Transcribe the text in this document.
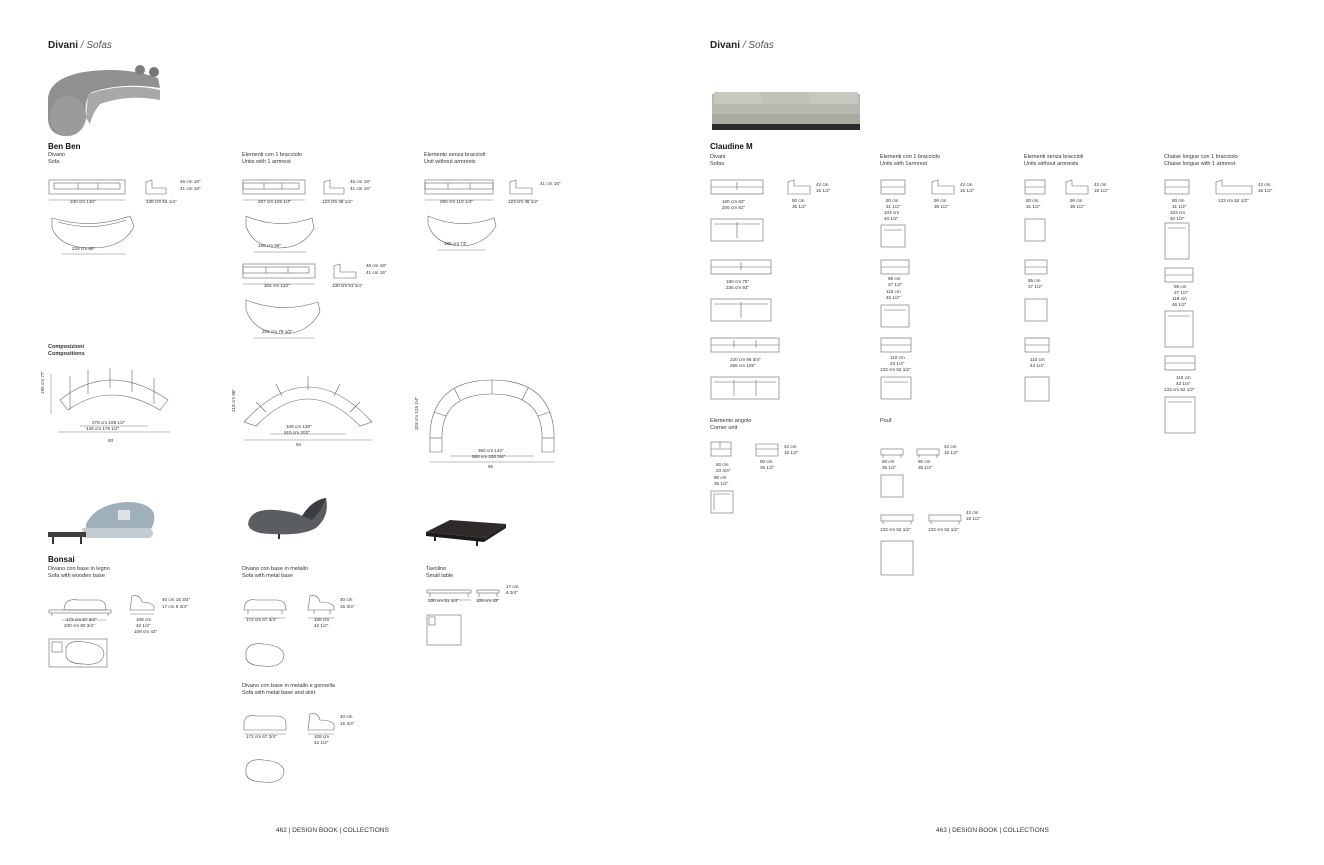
Divani / Sofas
Ben Ben
Divano
Sofa
Elementi con 1 bracciolo
Units with 1 armrest
Elemento senza braccioli
Unit without armrests
330 cm 130"	138 cm 54 1/4"
46 cm 18"
41 cm 16"
228 cm 90"
267 cm 105 1/4"	123 cm 48 1/2"
46 cm 18"
41 cm 16"
188 cm 68"
304 cm 120"	130 cm 51 1/4"
46 cm 18"
41 cm 16"
202 cm 79 1/2"
280 cm 110 1/4"	123 cm 48 1/2"
41 cm 16"
185 cm 73"
Composizioni
Compositions
278 cm 109 1/2"
448 cm 176 1/2"
93
195 cm 77"
349 cm 138"
515 cm 203"
94
218 cm 86"
360 cm 142"
560 cm 220 3/4"
95
318 cm 125 1/4"
Bonsai
Divano con base in legno
Sofa with wooden base
Divano con base in metallo
Sofa with metal base
Tavolino
Small table
172 cm 67 3/4"
230 cm 90 3/4"
108 cm
42 1/2"
109 cm 43"
40 cm 15 3/4"
17 cm 6 3/4"
172 cm 67 3/4"	108 cm
42 1/2"
40 cm
15 3/4"
130 cm 51 1/4"	109 cm 43"
17 cm
6 3/4"
Divano con base in metallo e gonnella
Sofa with metal base and skirt
172 cm 67 3/4"	108 cm
42 1/2"
40 cm
15 3/4"
462 | DESIGN BOOK | COLLECTIONS
Divani / Sofas
Claudine M
Divani
Sofas
Elementi con 1 bracciolo
Units with 1armrest
Elementi senza braccioli
Units without armrests
Chaise longue con 1 bracciolo
Chaise longue with 1 armrest
160 cm 63"
206 cm 81"
90 cm
35 1/2"
42 cm
16 1/2"
190 cm 75"
236 cm 93"
220 cm 86 3/4"
266 cm 105"
80 cm
31 1/2"
103 cm
40 1/2"
90 cm
35 1/2"
42 cm
16 1/2"
95 cm
37 1/2"
118 cm
46 1/2"
110 cm
43 1/4"
133 cm 52 1/2"
80 cm
31 1/2"
90 cm
35 1/2"
42 cm
16 1/2"
95 cm
37 1/2"
110 cm
43 1/4"
80 cm
31 1/2"
103 cm
40 1/2"
133 cm 52 1/2"
42 cm
16 1/2"
95 cm
37 1/2"
118 cm
46 1/2"
110 cm
43 1/4"
133 cm 52 1/2"
Elemento angolo
Corner unit
60 cm
23 3/4"
90 cm
35 1/2"
90 cm
35 1/2"
42 cm
16 1/2"
Pouf
90 cm
35 1/2"
90 cm
35 1/2"
42 cm
16 1/2"
133 cm 52 1/2"	133 cm 52 1/2"
42 cm
16 1/2"
463 | DESIGN BOOK | COLLECTIONS
